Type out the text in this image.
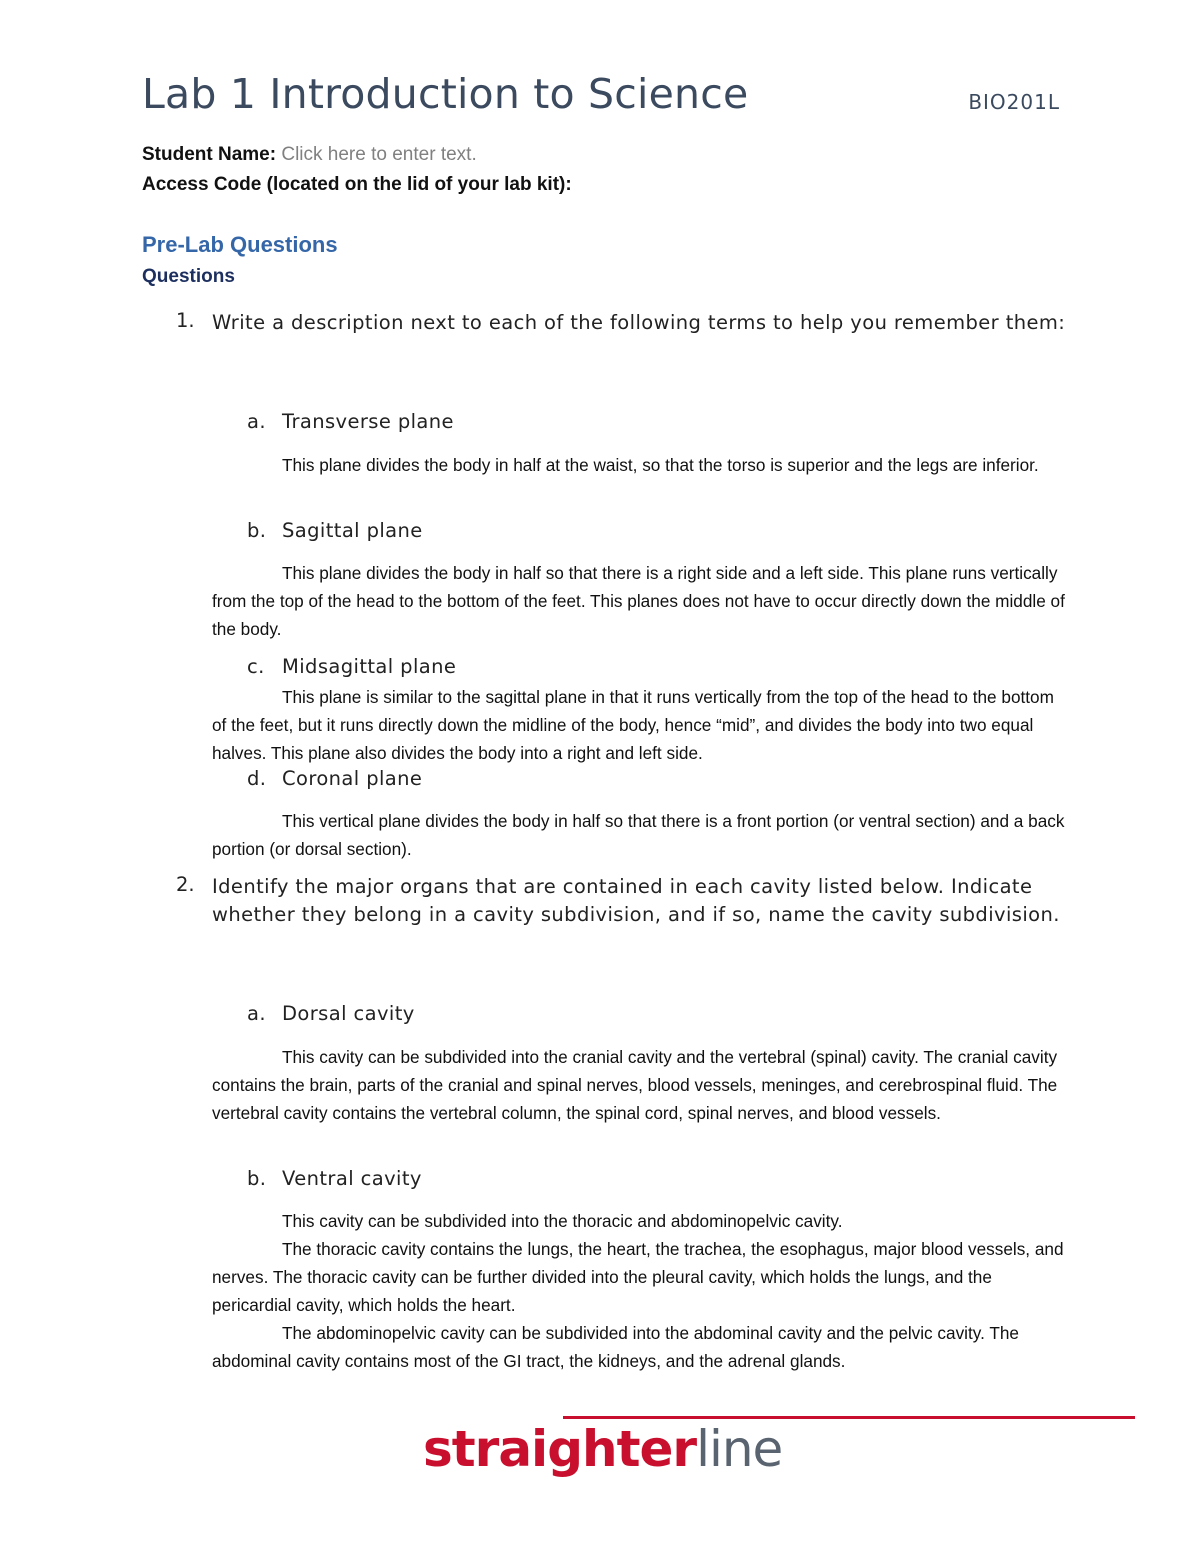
Lab 1 Introduction to Science	BIO201L
Student Name: Click here to enter text.
Access Code (located on the lid of your lab kit):
Pre-Lab Questions
Questions
1. Write a description next to each of the following terms to help you remember them:
a. Transverse plane

This plane divides the body in half at the waist, so that the torso is superior and the legs are inferior.

b. Sagittal plane

This plane divides the body in half so that there is a right side and a left side. This plane runs vertically from the top of the head to the bottom of the feet. This planes does not have to occur directly down the middle of the body.

c. Midsagittal plane

This plane is similar to the sagittal plane in that it runs vertically from the top of the head to the bottom of the feet, but it runs directly down the midline of the body, hence “mid”, and divides the body into two equal halves. This plane also divides the body into a right and left side.

d. Coronal plane

This vertical plane divides the body in half so that there is a front portion (or ventral section) and a back portion (or dorsal section).

2. Identify the major organs that are contained in each cavity listed below. Indicate whether they belong in a cavity subdivision, and if so, name the cavity subdivision.
a. Dorsal cavity

This cavity can be subdivided into the cranial cavity and the vertebral (spinal) cavity. The cranial cavity contains the brain, parts of the cranial and spinal nerves, blood vessels, meninges, and cerebrospinal fluid. The vertebral cavity contains the vertebral column, the spinal cord, spinal nerves, and blood vessels.

b. Ventral cavity

This cavity can be subdivided into the thoracic and abdominopelvic cavity.

The thoracic cavity contains the lungs, the heart, the trachea, the esophagus, major blood vessels, and nerves. The thoracic cavity can be further divided into the pleural cavity, which holds the lungs, and the pericardial cavity, which holds the heart.

The abdominopelvic cavity can be subdivided into the abdominal cavity and the pelvic cavity. The abdominal cavity contains most of the GI tract, the kidneys, and the adrenal glands.

straighterline
